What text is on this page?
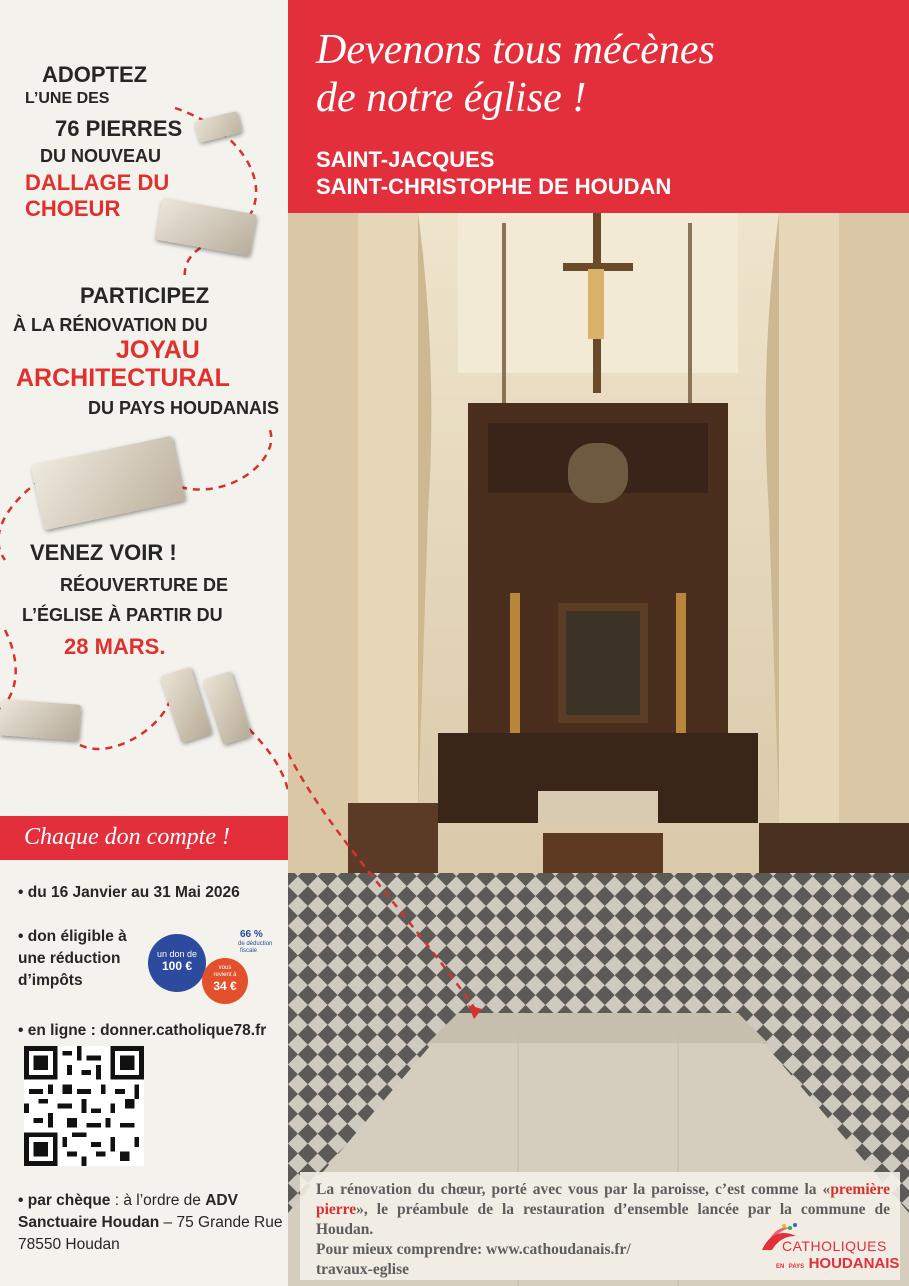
ADOPTEZ
L’UNE DES
76 PIERRES
DU NOUVEAU
DALLAGE DU
CHOEUR
PARTICIPEZ
À LA RÉNOVATION DU
JOYAU
ARCHITECTURAL
DU PAYS HOUDANAIS
VENEZ VOIR !
RÉOUVERTURE DE
L’ÉGLISE À PARTIR DU
28 MARS.
Chaque don compte !
• du 16 Janvier au 31 Mai 2026
• don éligible à
une réduction
d’impôts
66 %
de déduction
fiscale
un don de
100 €	vous
revient à
34 €
• en ligne : donner.catholique78.fr
• par chèque : à l’ordre de ADV
Sanctuaire Houdan – 75 Grande Rue
78550 Houdan
Devenons tous mécènes
de notre église !
SAINT-JACQUES
SAINT-CHRISTOPHE DE HOUDAN

La rénovation du chœur, porté avec vous par la paroisse, c’est comme la «première pierre», le préambule de la restauration d’ensemble lancée par la commune de Houdan.
Pour mieux comprendre: www.cathoudanais.fr/
travaux-eglise

CATHOLIQUES
EN PAYS HOUDANAIS
